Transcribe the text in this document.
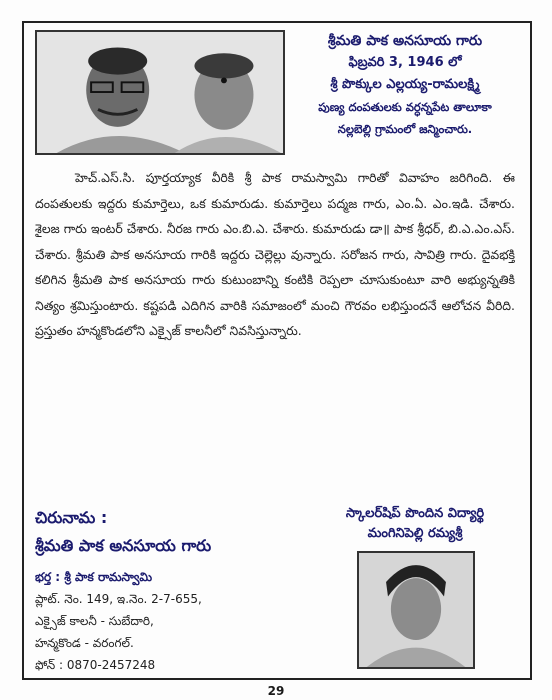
శ్రీమతి పాక అనసూయ గారు
ఫిబ్రవరి 3, 1946 లో
శ్రీ పొక్కుల ఎల్లయ్య-రామలక్ష్మి
పుణ్య దంపతులకు వర్ధన్నపేట తాలూకా
నల్లబెల్లి గ్రామంలో జన్మించారు.
హెచ్.ఎస్.సి. పూర్తయ్యాక వీరికి శ్రీ పాక రామస్వామి గారితో వివాహం జరిగింది. ఈ దంపతులకు ఇద్దరు కుమార్తెలు, ఒక కుమారుడు. కుమార్తెలు పద్మజ గారు, ఎం.ఏ. ఎం.ఇడి. చేశారు. శైలజ గారు ఇంటర్ చేశారు. నీరజ గారు ఎం.బి.ఎ. చేశారు. కుమారుడు డా॥ పాక శ్రీధర్, బి.ఎ.ఎం.ఎస్. చేశారు. శ్రీమతి పాక అనసూయ గారికి ఇద్దరు చెల్లెల్లు వున్నారు. సరోజన గారు, సావిత్రి గారు. దైవభక్తి కలిగిన శ్రీమతి పాక అనసూయ గారు కుటుంబాన్ని కంటికి రెప్పలా చూసుకుంటూ వారి అభ్యున్నతికి నిత్యం శ్రమిస్తుంటారు. కష్టపడి ఎదిగిన వారికి సమాజంలో మంచి గౌరవం లభిస్తుందనే ఆలోచన వీరిది. ప్రస్తుతం హన్మకొండలోని ఎక్సైజ్ కాలనీలో నివసిస్తున్నారు.
చిరునామ :
శ్రీమతి పాక అనసూయ గారు
భర్త : శ్రీ పాక రామస్వామి
ప్లాట్. నెం. 149, ఇ.నెం. 2-7-655,
ఎక్సైజ్ కాలనీ - సుబేదారి,
హన్మకొండ - వరంగల్.
ఫోన్ : 0870-2457248
స్కాలర్‌షిప్ పొందిన విద్యార్థి
మంగినిపెల్లి రమ్యశ్రీ
29
